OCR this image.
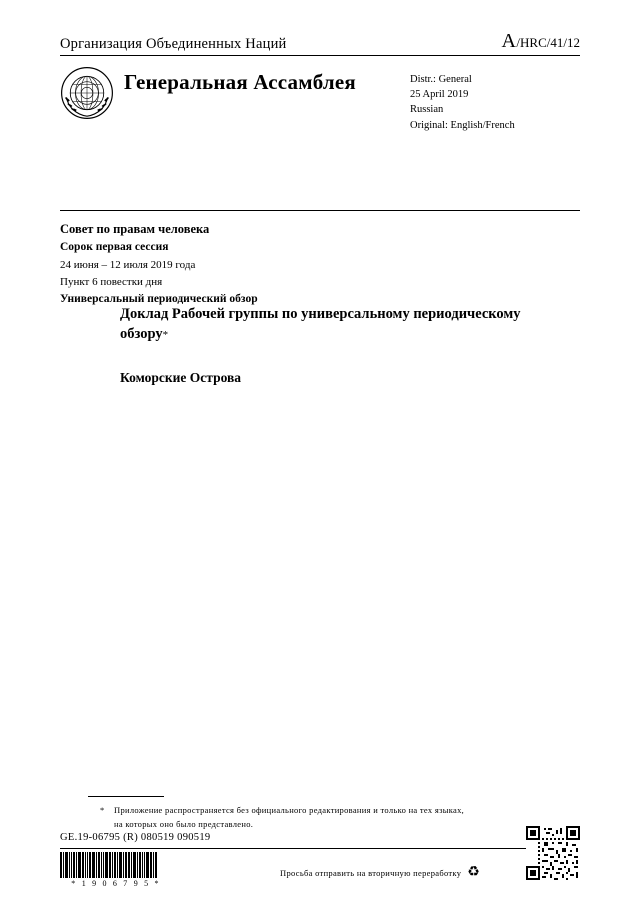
Организация Объединенных Наций	A/HRC/41/12
Генеральная Ассамблея	Distr.: General
25 April 2019
Russian
Original: English/French
Совет по правам человека
Сорок первая сессия
24 июня – 12 июля 2019 года
Пункт 6 повестки дня
Универсальный периодический обзор
Доклад Рабочей группы по универсальному периодическому обзору*
Коморские Острова
* Приложение распространяется без официального редактирования и только на тех языках,
на которых оно было представлено.
GE.19-06795 (R) 080519 090519
* 1 9 0 6 7 9 5 *
Просьба отправить на вторичную переработку ♻
